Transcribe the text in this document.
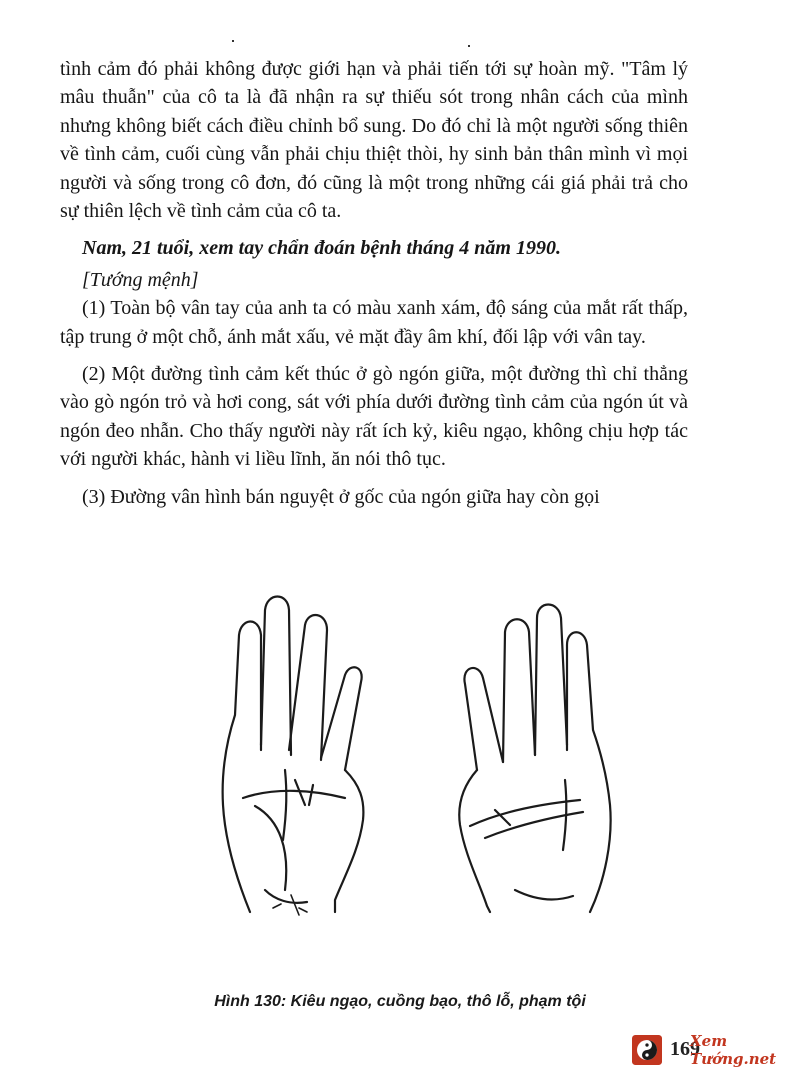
tình cảm đó phải không được giới hạn và phải tiến tới sự hoàn mỹ. "Tâm lý mâu thuẫn" của cô ta là đã nhận ra sự thiếu sót trong nhân cách của mình nhưng không biết cách điều chỉnh bổ sung. Do đó chỉ là một người sống thiên về tình cảm, cuối cùng vẫn phải chịu thiệt thòi, hy sinh bản thân mình vì mọi người và sống trong cô đơn, đó cũng là một trong những cái giá phải trả cho sự thiên lệch về tình cảm của cô ta.

Nam, 21 tuổi, xem tay chẩn đoán bệnh tháng 4 năm 1990.

[Tướng mệnh]

(1) Toàn bộ vân tay của anh ta có màu xanh xám, độ sáng của mắt rất thấp, tập trung ở một chỗ, ánh mắt xấu, vẻ mặt đầy âm khí, đối lập với vân tay.

(2) Một đường tình cảm kết thúc ở gò ngón giữa, một đường thì chỉ thẳng vào gò ngón trỏ và hơi cong, sát với phía dưới đường tình cảm của ngón út và ngón đeo nhẫn. Cho thấy người này rất ích kỷ, kiêu ngạo, không chịu hợp tác với người khác, hành vi liều lĩnh, ăn nói thô tục.

(3) Đường vân hình bán nguyệt ở gốc của ngón giữa hay còn gọi

Hình 130: Kiêu ngạo, cuồng bạo, thô lỗ, phạm tội
169
Xem Tướng.net
